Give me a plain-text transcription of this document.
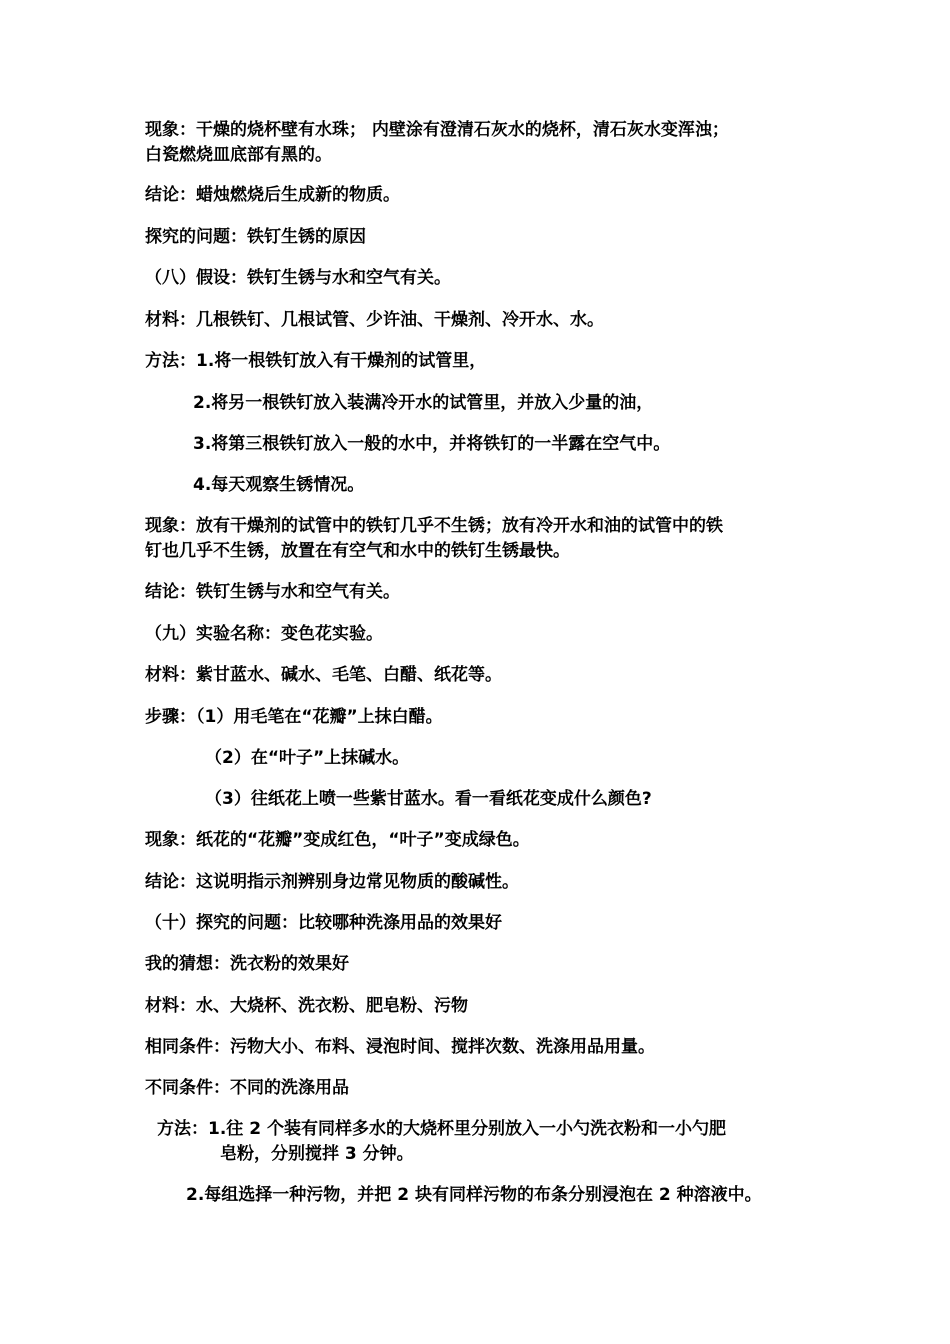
现象：干燥的烧杯壁有水珠； 内壁涂有澄清石灰水的烧杯，清石灰水变浑浊；
白瓷燃烧皿底部有黑的。
结论：蜡烛燃烧后生成新的物质。
探究的问题：铁钉生锈的原因
（八）假设：铁钉生锈与水和空气有关。
材料：几根铁钉、几根试管、少许油、干燥剂、冷开水、水。
方法：1.将一根铁钉放入有干燥剂的试管里，
2.将另一根铁钉放入装满冷开水的试管里，并放入少量的油，
3.将第三根铁钉放入一般的水中，并将铁钉的一半露在空气中。
4.每天观察生锈情况。
现象：放有干燥剂的试管中的铁钉几乎不生锈；放有冷开水和油的试管中的铁
钉也几乎不生锈，放置在有空气和水中的铁钉生锈最快。
结论：铁钉生锈与水和空气有关。
（九）实验名称：变色花实验。
材料：紫甘蓝水、碱水、毛笔、白醋、纸花等。
步骤：（1）用毛笔在“花瓣”上抹白醋。
（2）在“叶子”上抹碱水。
（3）往纸花上喷一些紫甘蓝水。看一看纸花变成什么颜色?
现象：纸花的“花瓣”变成红色，“叶子”变成绿色。
结论：这说明指示剂辨别身边常见物质的酸碱性。
（十）探究的问题：比较哪种洗涤用品的效果好
我的猜想：洗衣粉的效果好
材料：水、大烧杯、洗衣粉、肥皂粉、污物
相同条件：污物大小、布料、浸泡时间、搅拌次数、洗涤用品用量。
不同条件：不同的洗涤用品
方法：1.往 2 个装有同样多水的大烧杯里分别放入一小勺洗衣粉和一小勺肥
皂粉，分别搅拌 3 分钟。
2.每组选择一种污物，并把 2 块有同样污物的布条分别浸泡在 2 种溶液中。
